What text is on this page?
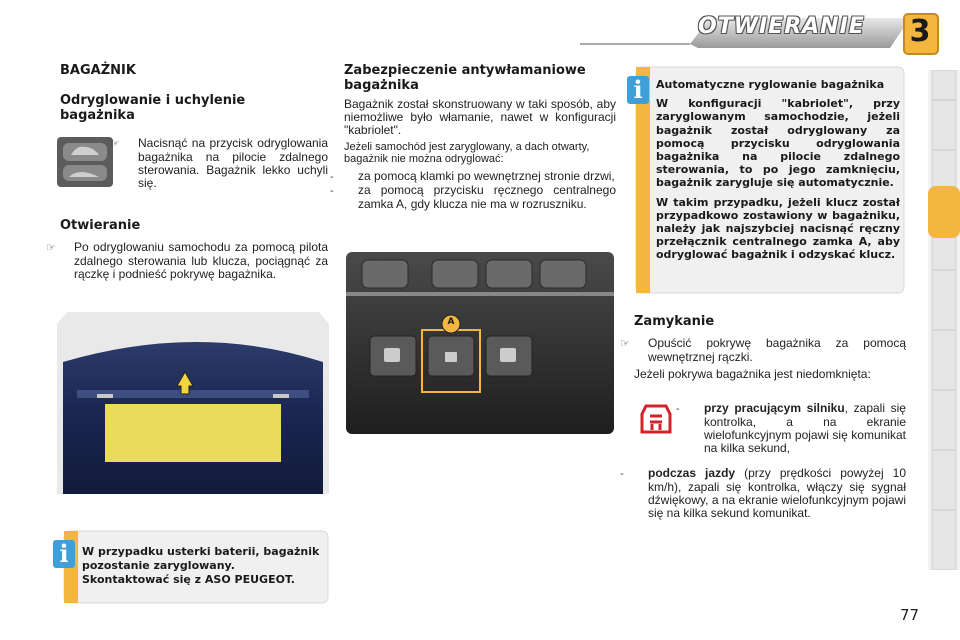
OTWIERANIE	3
BAGAŻNIK
Odryglowanie i uchylenie bagażnika
☞ Nacisnąć na przycisk odryglowania bagażnika na pilocie zdalnego sterowania. Bagażnik lekko uchyli się.
Otwieranie
☞ Po odryglowaniu samochodu za pomocą pilota zdalnego sterowania lub klucza, pociągnąć za rączkę i podnieść pokrywę bagażnika.
i	W przypadku usterki baterii, bagażnik pozostanie zaryglowany. Skontaktować się z ASO PEUGEOT.
Zabezpieczenie antywłamaniowe bagażnika
Bagażnik został skonstruowany w taki sposób, aby niemożliwe było włamanie, nawet w konfiguracji "kabriolet".
Jeżeli samochód jest zaryglowany, a dach otwarty, bagażnik nie można odryglować:
- za pomocą klamki po wewnętrznej stronie drzwi,
- za pomocą przycisku ręcznego centralnego zamka A, gdy klucza nie ma w rozruszniku.
A
i	Automatyczne ryglowanie bagażnika
W konfiguracji "kabriolet", przy zaryglowanym samochodzie, jeżeli bagażnik został odryglowany za pomocą przycisku odryglowania bagażnika na pilocie zdalnego sterowania, to po jego zamknięciu, bagażnik zarygluje się automatycznie.
W takim przypadku, jeżeli klucz został przypadkowo zostawiony w bagażniku, należy jak najszybciej nacisnąć ręczny przełącznik centralnego zamka A, aby odryglować bagażnik i odzyskać klucz.
Zamykanie
☞ Opuścić pokrywę bagażnika za pomocą wewnętrznej rączki.
Jeżeli pokrywa bagażnika jest niedomknięta:
- przy pracującym silniku, zapali się kontrolka, a na ekranie wielofunkcyjnym pojawi się komunikat na kilka sekund,
- podczas jazdy (przy prędkości powyżej 10 km/h), zapali się kontrolka, włączy się sygnał dźwiękowy, a na ekranie wielofunkcyjnym pojawi się na kilka sekund komunikat.
77
